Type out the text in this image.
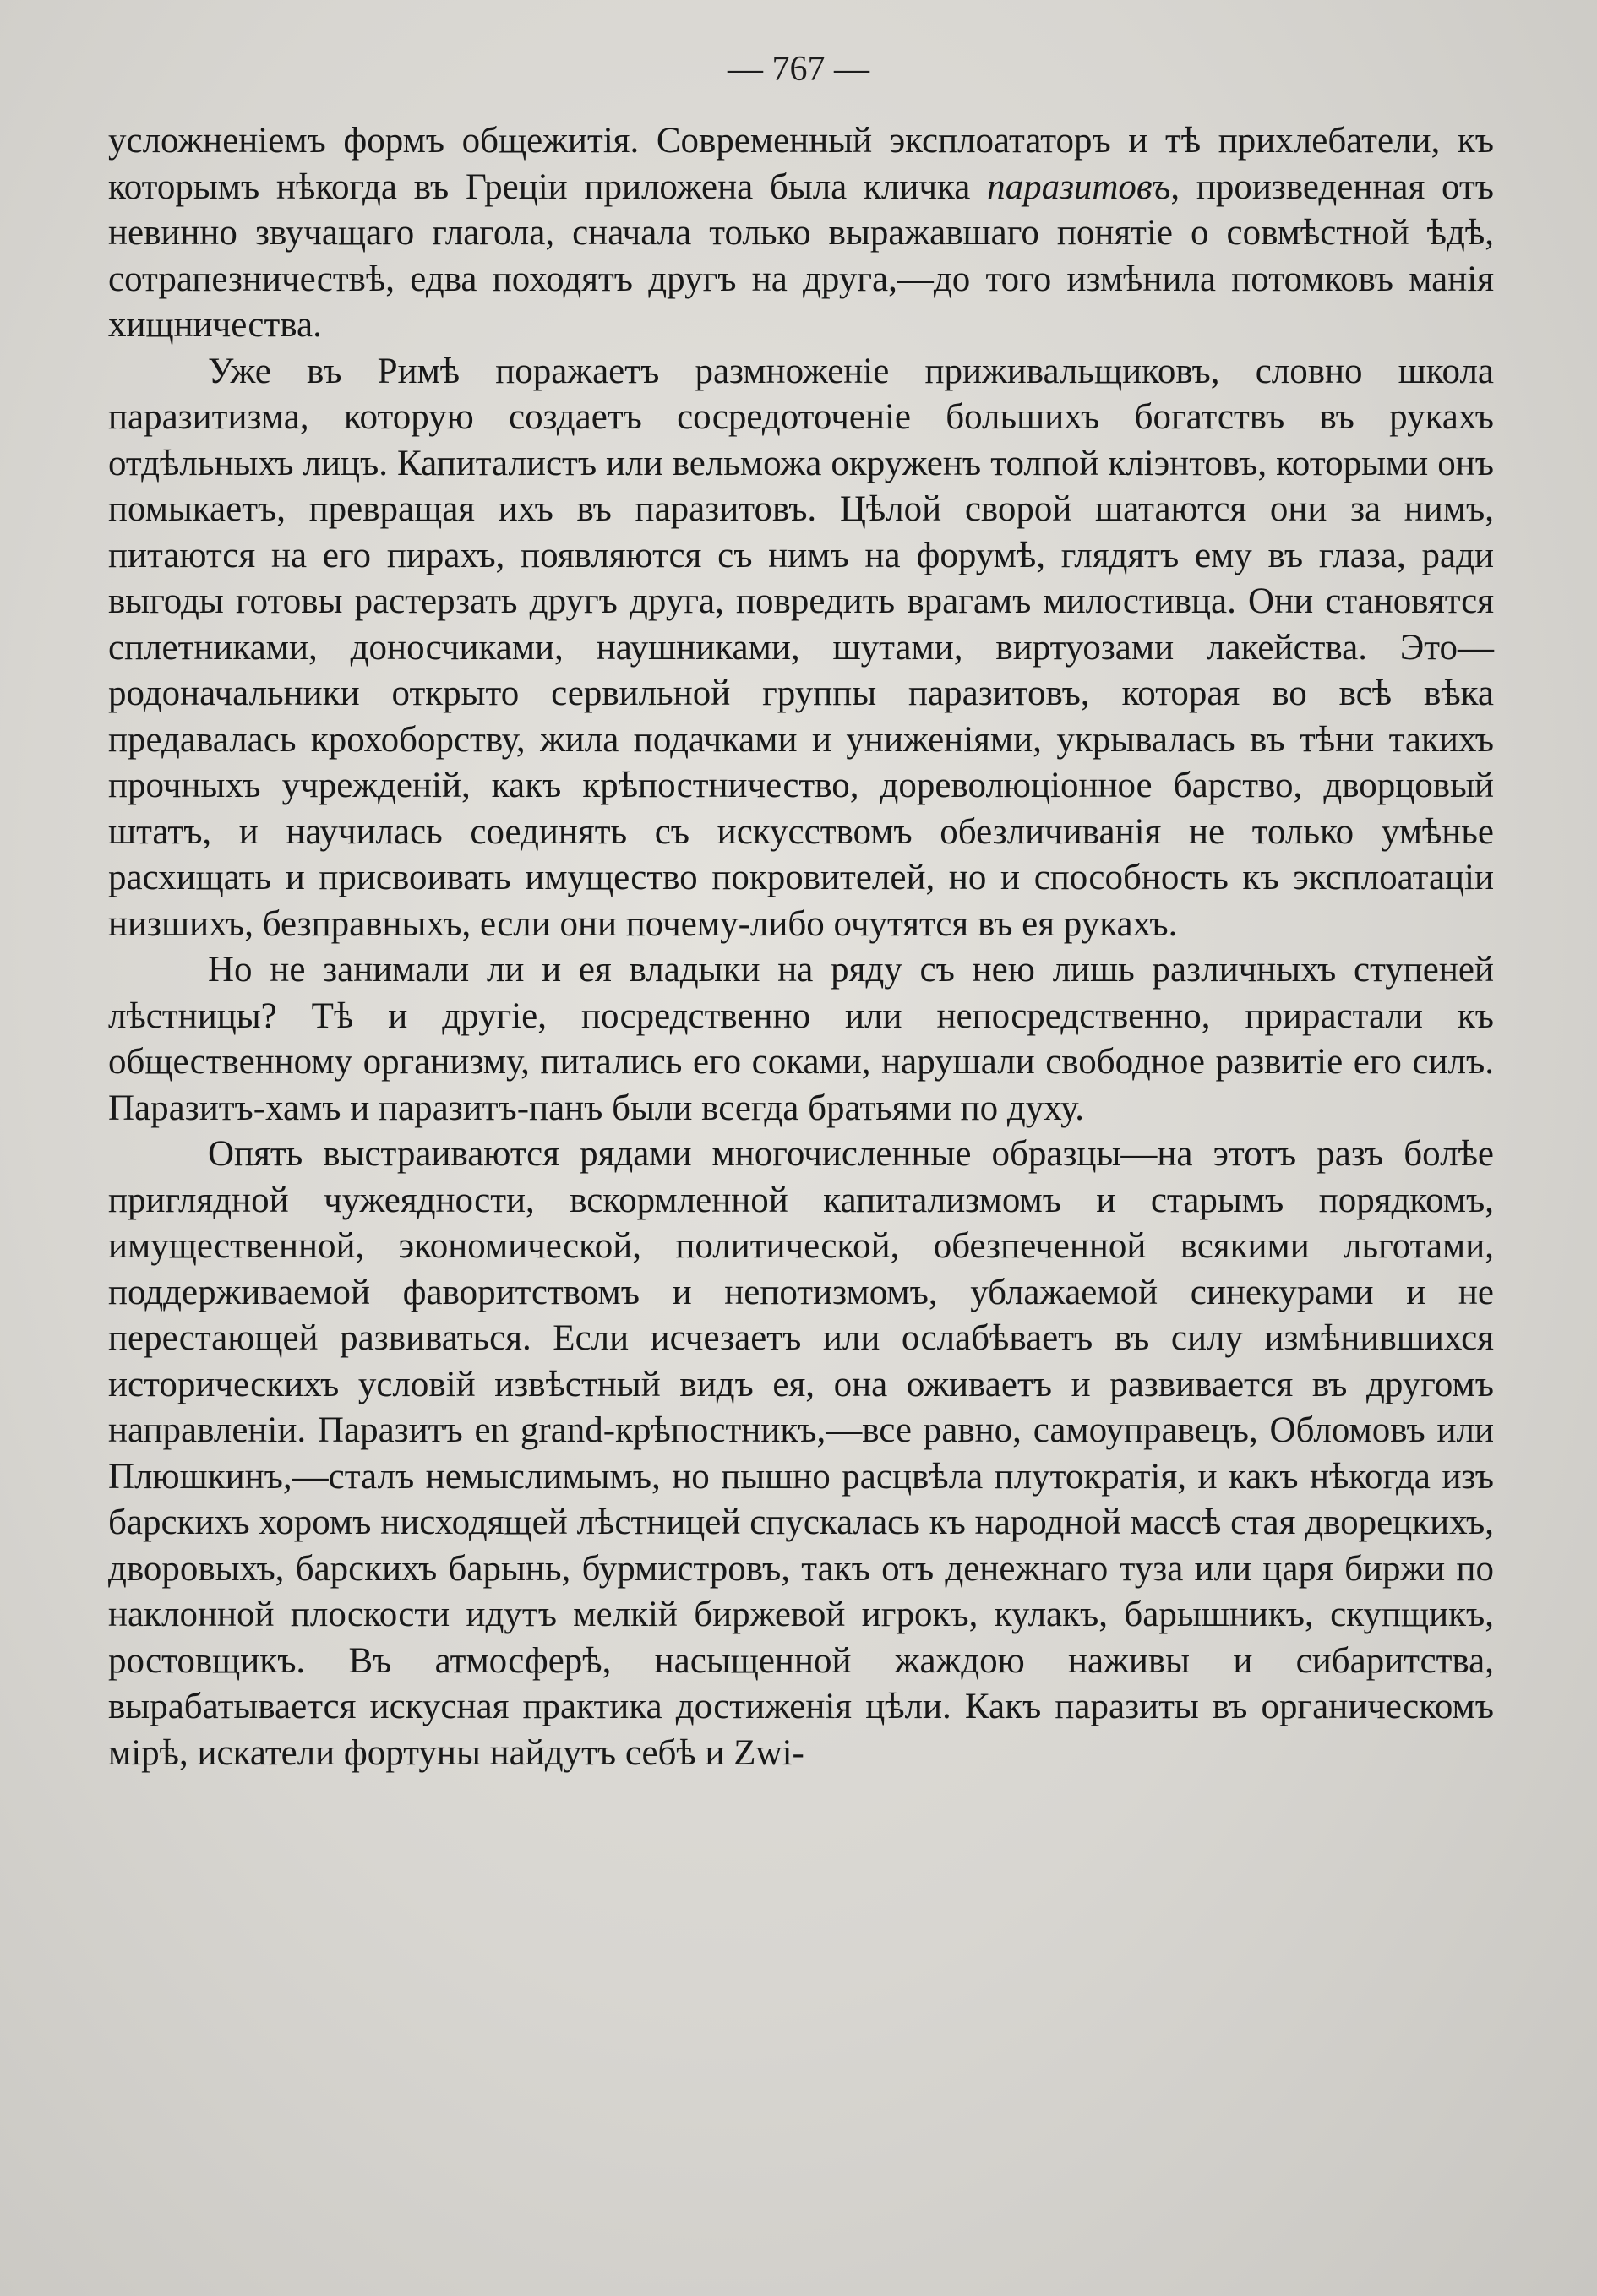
— 767 —

усложненіемъ формъ общежитія. Современный эксплоататоръ и тѣ прихлебатели, къ которымъ нѣкогда въ Греціи приложена была кличка паразитовъ, произведенная отъ невинно звучащаго глагола, сначала только выражавшаго понятіе о совмѣстной ѣдѣ, сотрапезничествѣ, едва походятъ другъ на друга,—до того измѣнила потомковъ манія хищничества.

Уже въ Римѣ поражаетъ размноженіе приживальщиковъ, словно школа паразитизма, которую создаетъ сосредоточеніе большихъ богатствъ въ рукахъ отдѣльныхъ лицъ. Капиталистъ или вельможа окруженъ толпой кліэнтовъ, которыми онъ помыкаетъ, превращая ихъ въ паразитовъ. Цѣлой сворой шатаются они за нимъ, питаются на его пирахъ, появляются съ нимъ на форумѣ, глядятъ ему въ глаза, ради выгоды готовы растерзать другъ друга, повредить врагамъ милостивца. Они становятся сплетниками, доносчиками, наушниками, шутами, виртуозами лакейства. Это—родоначальники открыто сервильной группы паразитовъ, которая во всѣ вѣка предавалась крохоборству, жила подачками и униженіями, укрывалась въ тѣни такихъ прочныхъ учрежденій, какъ крѣпостничество, дореволюціонное барство, дворцовый штатъ, и научилась соединять съ искусствомъ обезличиванія не только умѣнье расхищать и присвоивать имущество покровителей, но и способность къ эксплоатаціи низшихъ, безправныхъ, если они почему-либо очутятся въ ея рукахъ.

Но не занимали ли и ея владыки на ряду съ нею лишь различныхъ ступеней лѣстницы? Тѣ и другіе, посредственно или непосредственно, прирастали къ общественному организму, питались его соками, нарушали свободное развитіе его силъ. Паразитъ-хамъ и паразитъ-панъ были всегда братьями по духу.

Опять выстраиваются рядами многочисленные образцы—на этотъ разъ болѣе приглядной чужеядности, вскормленной капитализмомъ и старымъ порядкомъ, имущественной, экономической, политической, обезпеченной всякими льготами, поддерживаемой фаворитствомъ и непотизмомъ, ублажаемой синекурами и не перестающей развиваться. Если исчезаетъ или ослабѣваетъ въ силу измѣнившихся историческихъ условій извѣстный видъ ея, она оживаетъ и развивается въ другомъ направленіи. Паразитъ en grand-крѣпостникъ,—все равно, самоуправецъ, Обломовъ или Плюшкинъ,—сталъ немыслимымъ, но пышно расцвѣла плутократія, и какъ нѣкогда изъ барскихъ хоромъ нисходящей лѣстницей спускалась къ народной массѣ стая дворецкихъ, дворовыхъ, барскихъ барынь, бурмистровъ, такъ отъ денежнаго туза или царя биржи по наклонной плоскости идутъ мелкій биржевой игрокъ, кулакъ, барышникъ, скупщикъ, ростовщикъ. Въ атмосферѣ, насыщенной жаждою наживы и сибаритства, вырабатывается искусная практика достиженія цѣли. Какъ паразиты въ органическомъ мірѣ, искатели фортуны найдутъ себѣ и Zwi-
